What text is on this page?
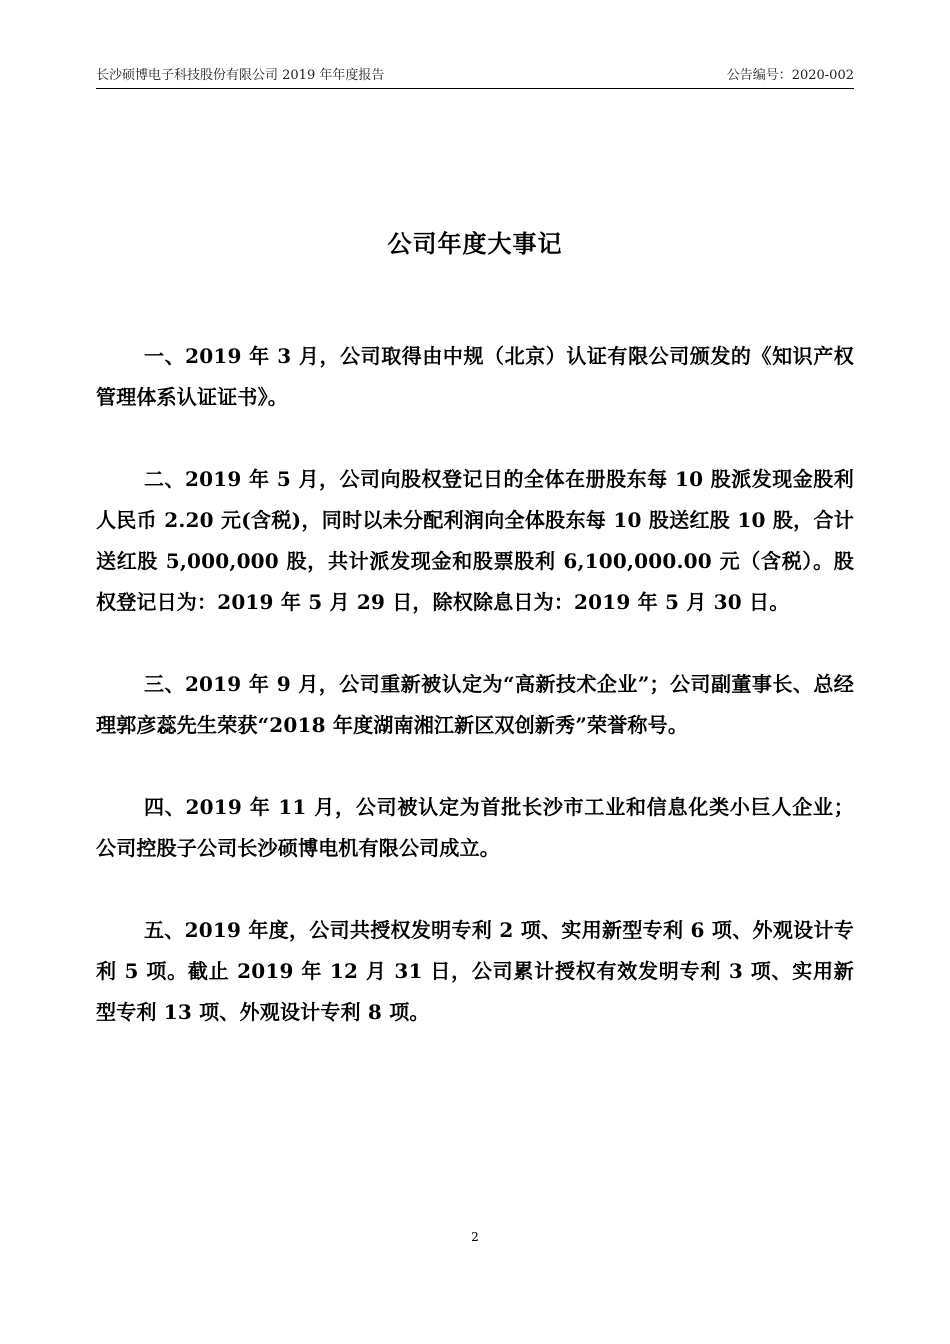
长沙硕博电子科技股份有限公司 2019 年年度报告	公告编号：2020-002
公司年度大事记

一、2019 年 3 月，公司取得由中规（北京）认证有限公司颁发的《知识产权管理体系认证证书》。

二、2019 年 5 月，公司向股权登记日的全体在册股东每 10 股派发现金股利人民币 2.20 元(含税)，同时以未分配利润向全体股东每 10 股送红股 10 股，合计送红股 5,000,000 股，共计派发现金和股票股利 6,100,000.00 元（含税）。股权登记日为：2019 年 5 月 29 日，除权除息日为：2019 年 5 月 30 日。

三、2019 年 9 月，公司重新被认定为“高新技术企业”；公司副董事长、总经理郭彦蕊先生荣获“2018 年度湖南湘江新区双创新秀”荣誉称号。

四、2019 年 11 月，公司被认定为首批长沙市工业和信息化类小巨人企业；公司控股子公司长沙硕博电机有限公司成立。

五、2019 年度，公司共授权发明专利 2 项、实用新型专利 6 项、外观设计专利 5 项。截止 2019 年 12 月 31 日，公司累计授权有效发明专利 3 项、实用新型专利 13 项、外观设计专利 8 项。

2
